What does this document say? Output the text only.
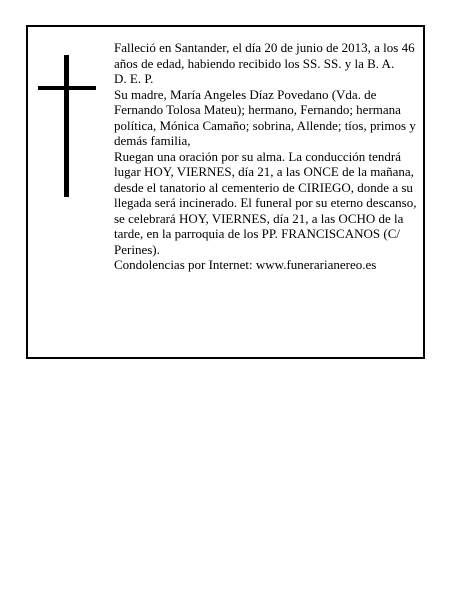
Falleció en Santander, el día 20 de junio de 2013, a los 46 años de edad, habiendo recibido los SS. SS. y la B. A.

D. E. P.

Su madre, María Angeles Díaz Povedano (Vda. de Fernando Tolosa Mateu); hermano, Fernando; hermana política, Mónica Camaño; sobrina, Allende; tíos, primos y demás familia,

Ruegan una oración por su alma. La conducción tendrá lugar HOY, VIERNES, día 21, a las ONCE de la mañana, desde el tanatorio al cementerio de CIRIEGO, donde a su llegada será incinerado. El funeral por su eterno descanso, se celebrará HOY, VIERNES, día 21, a las OCHO de la tarde, en la parroquia de los PP. FRANCISCANOS (C/ Perines).

Condolencias por Internet: www.funerarianereo.es
